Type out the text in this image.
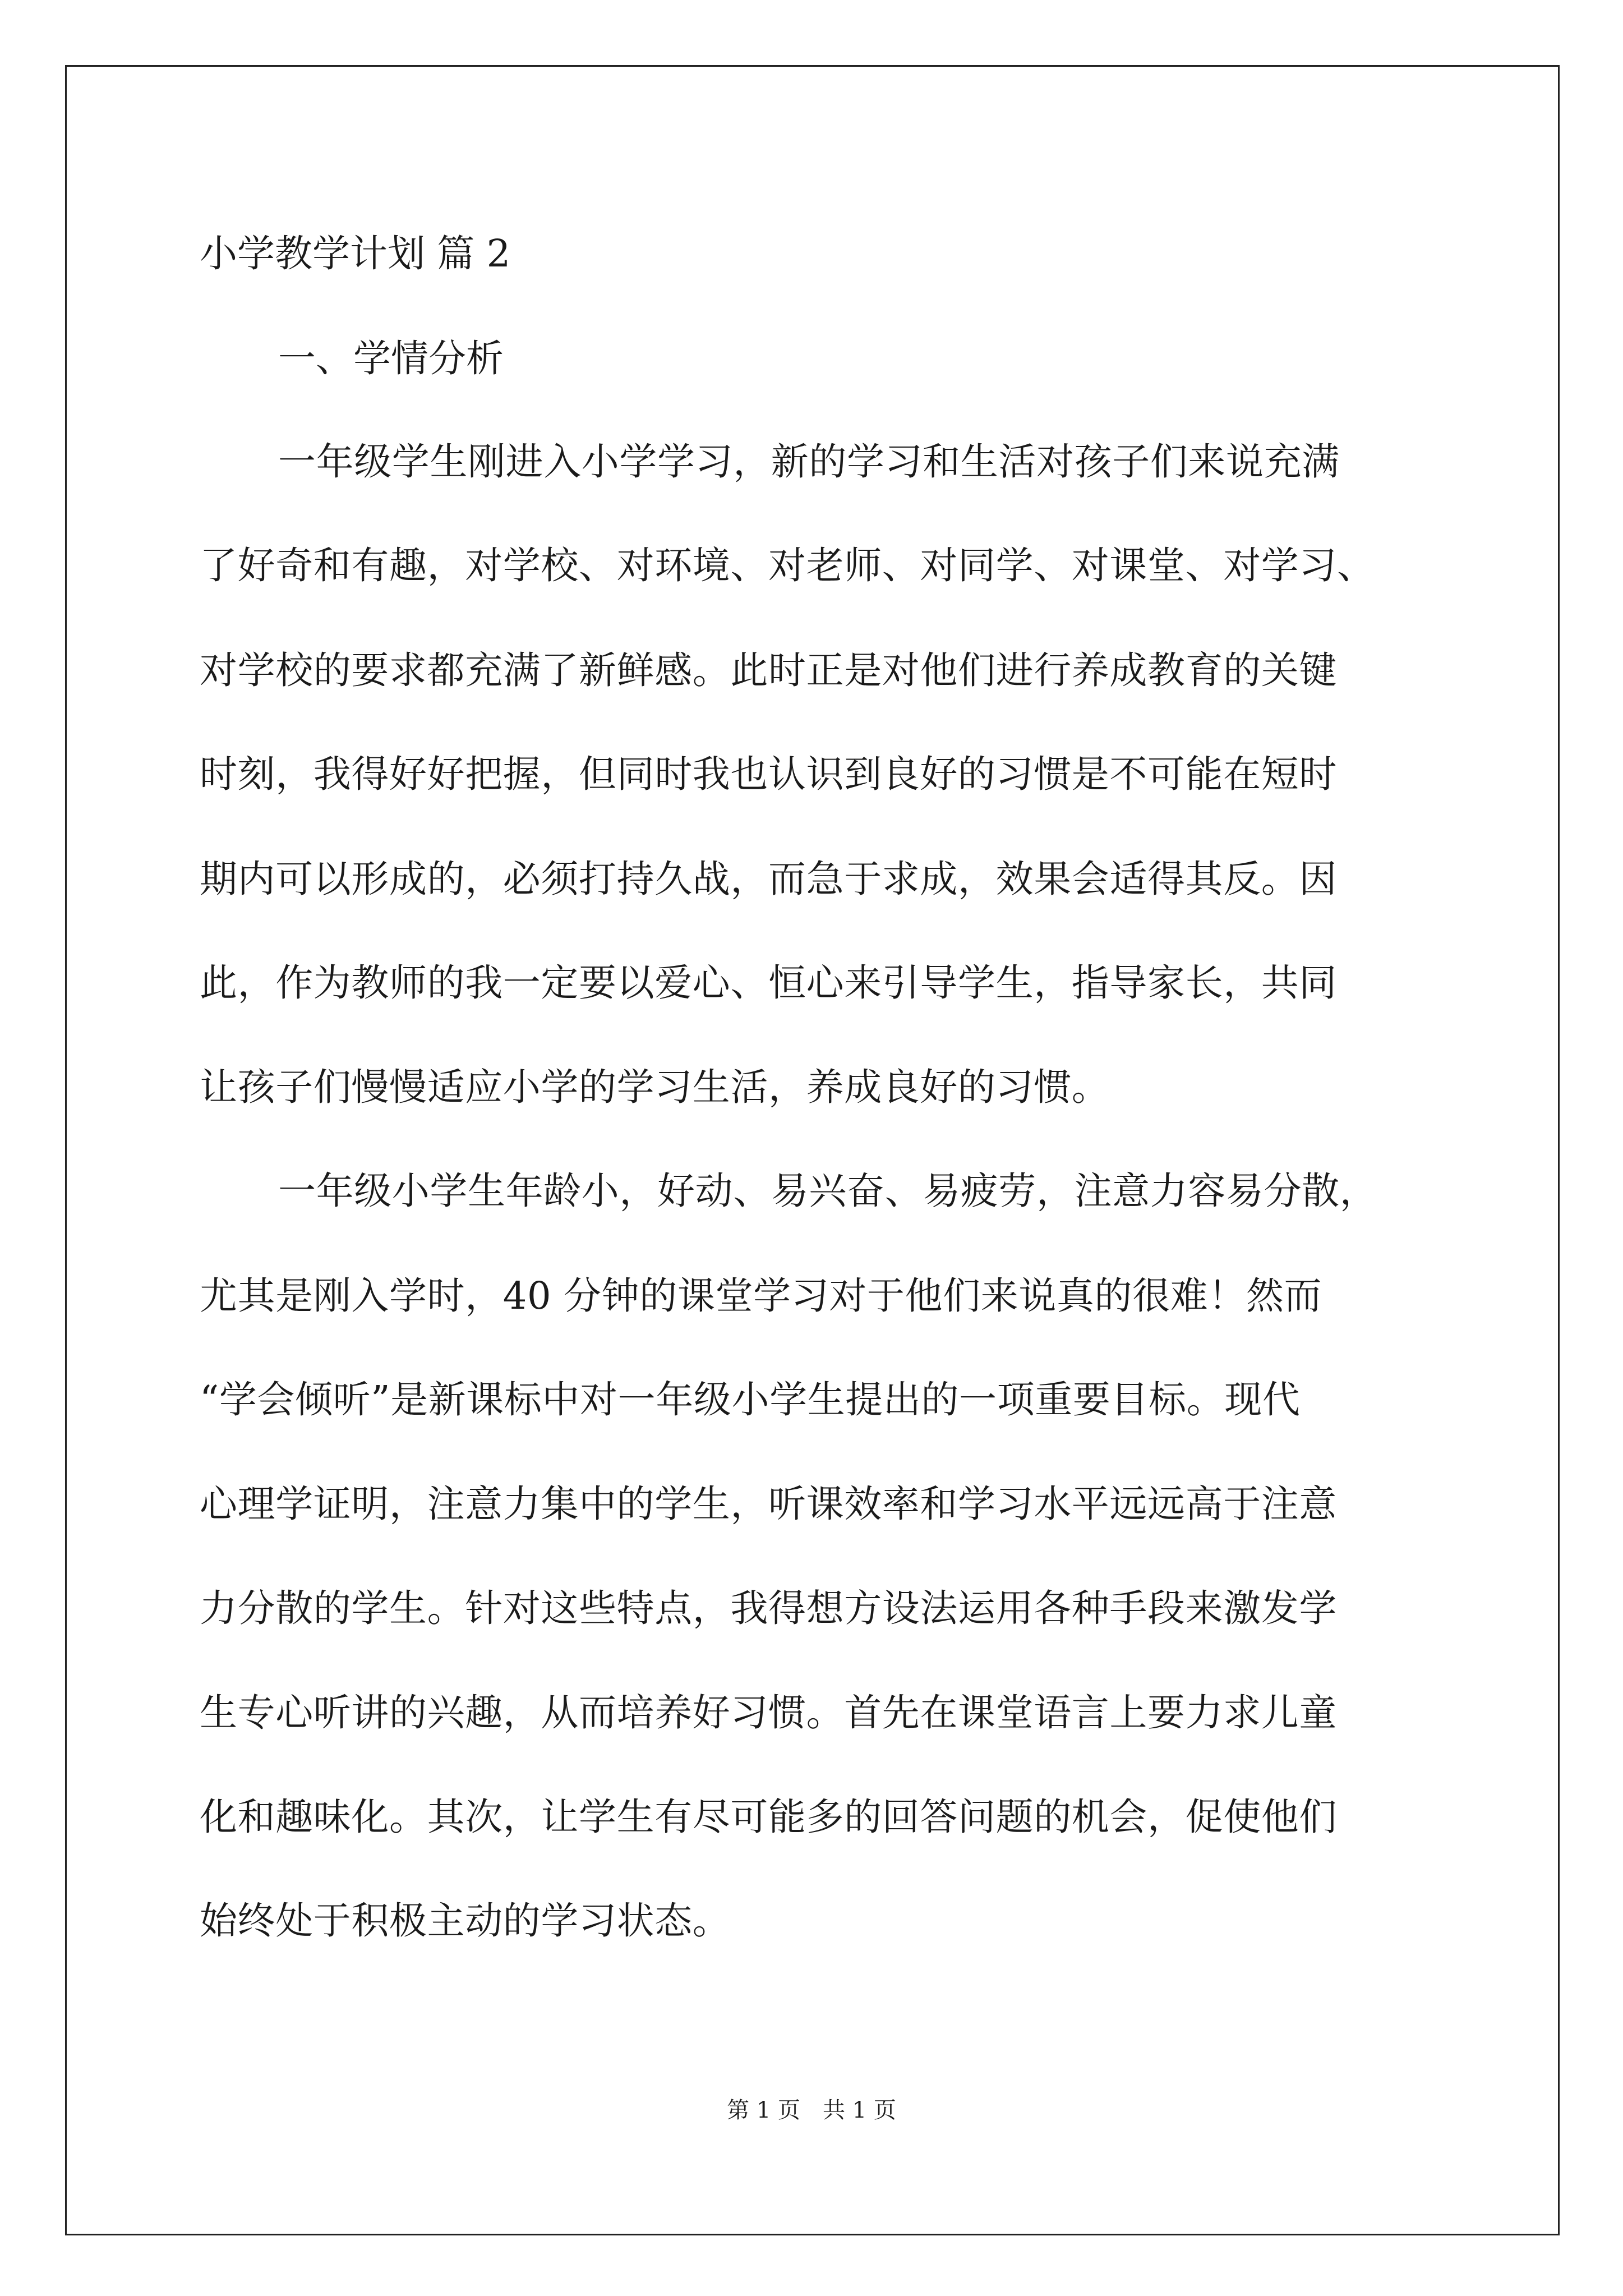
小学教学计划 篇 2
一、学情分析

一年级学生刚进入小学学习，新的学习和生活对孩子们来说充满

了好奇和有趣，对学校、对环境、对老师、对同学、对课堂、对学习、

对学校的要求都充满了新鲜感。此时正是对他们进行养成教育的关键

时刻，我得好好把握，但同时我也认识到良好的习惯是不可能在短时

期内可以形成的，必须打持久战，而急于求成，效果会适得其反。因

此，作为教师的我一定要以爱心、恒心来引导学生，指导家长，共同

让孩子们慢慢适应小学的学习生活，养成良好的习惯。

一年级小学生年龄小，好动、易兴奋、易疲劳，注意力容易分散，

尤其是刚入学时，40 分钟的课堂学习对于他们来说真的很难！然而

“学会倾听”是新课标中对一年级小学生提出的一项重要目标。现代

心理学证明，注意力集中的学生，听课效率和学习水平远远高于注意

力分散的学生。针对这些特点，我得想方设法运用各种手段来激发学

生专心听讲的兴趣，从而培养好习惯。首先在课堂语言上要力求儿童

化和趣味化。其次，让学生有尽可能多的回答问题的机会，促使他们

始终处于积极主动的学习状态。

第 1 页　共 1 页
